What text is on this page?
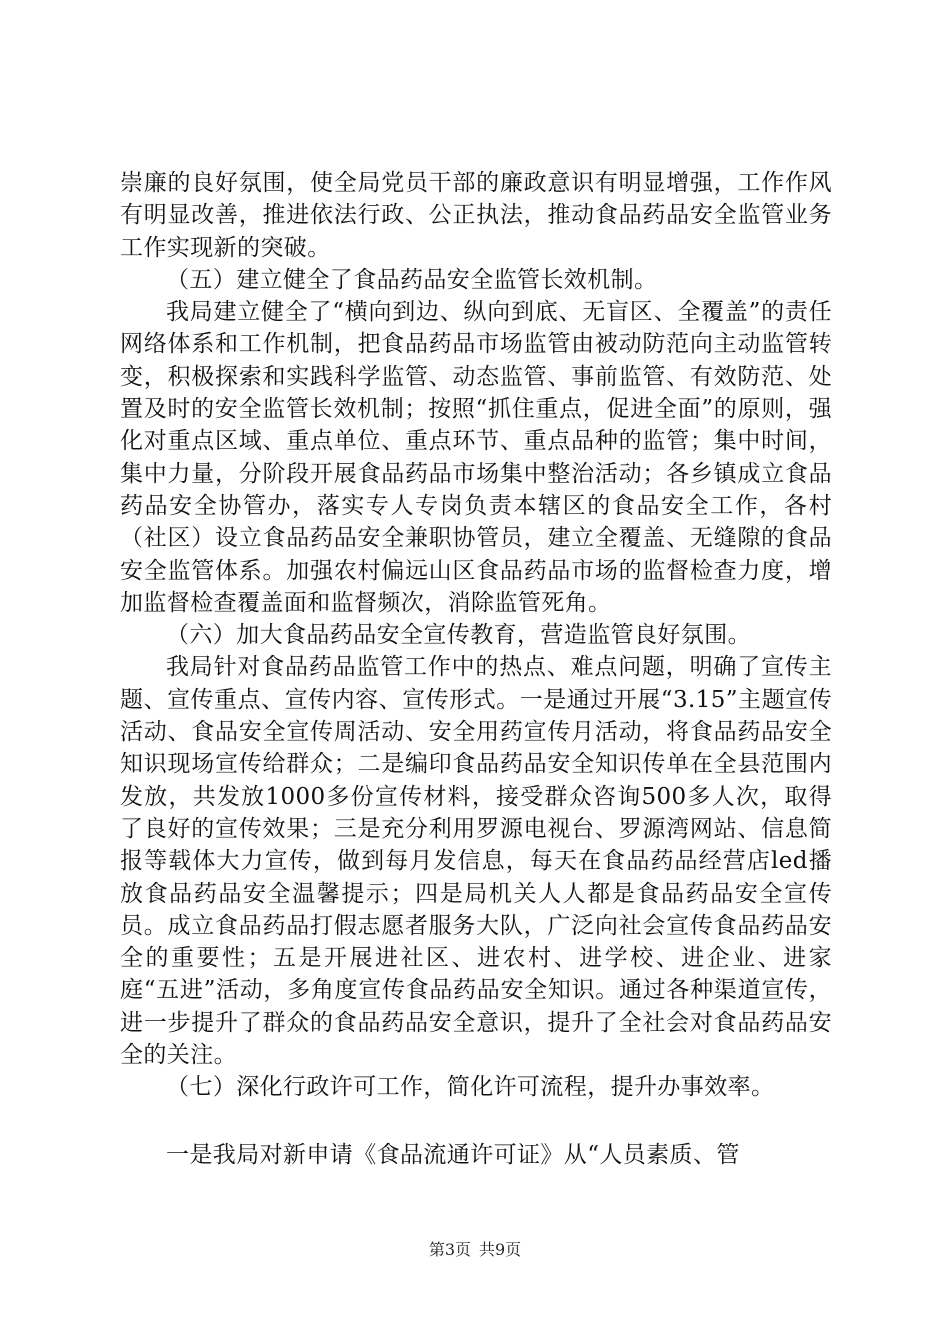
崇廉的良好氛围，使全局党员干部的廉政意识有明显增强，工作作风有明显改善，推进依法行政、公正执法，推动食品药品安全监管业务工作实现新的突破。

（五）建立健全了食品药品安全监管长效机制。

我局建立健全了“横向到边、纵向到底、无盲区、全覆盖”的责任网络体系和工作机制，把食品药品市场监管由被动防范向主动监管转变，积极探索和实践科学监管、动态监管、事前监管、有效防范、处置及时的安全监管长效机制；按照“抓住重点，促进全面”的原则，强化对重点区域、重点单位、重点环节、重点品种的监管；集中时间，集中力量，分阶段开展食品药品市场集中整治活动；各乡镇成立食品药品安全协管办，落实专人专岗负责本辖区的食品安全工作，各村（社区）设立食品药品安全兼职协管员，建立全覆盖、无缝隙的食品安全监管体系。加强农村偏远山区食品药品市场的监督检查力度，增加监督检查覆盖面和监督频次，消除监管死角。

（六）加大食品药品安全宣传教育，营造监管良好氛围。

我局针对食品药品监管工作中的热点、难点问题，明确了宣传主题、宣传重点、宣传内容、宣传形式。一是通过开展“3.15”主题宣传活动、食品安全宣传周活动、安全用药宣传月活动，将食品药品安全知识现场宣传给群众；二是编印食品药品安全知识传单在全县范围内发放，共发放1000多份宣传材料，接受群众咨询500多人次，取得了良好的宣传效果；三是充分利用罗源电视台、罗源湾网站、信息简报等载体大力宣传，做到每月发信息，每天在食品药品经营店led播放食品药品安全温馨提示；四是局机关人人都是食品药品安全宣传员。成立食品药品打假志愿者服务大队，广泛向社会宣传食品药品安全的重要性；五是开展进社区、进农村、进学校、进企业、进家庭“五进”活动，多角度宣传食品药品安全知识。通过各种渠道宣传，进一步提升了群众的食品药品安全意识，提升了全社会对食品药品安全的关注。

（七）深化行政许可工作，简化许可流程，提升办事效率。

一是我局对新申请《食品流通许可证》从“人员素质、管

第3页 共9页
